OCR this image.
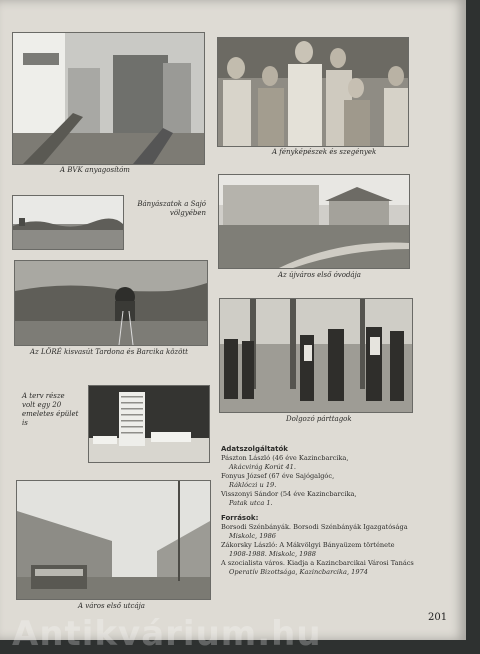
A BVK anyagosítóm
A fényképészek és szegények
Bányászatok a Sajó völgyében
Az újváros első óvodája
Az LÖRÉ kisvasút Tardona és Barcika között
Dolgozó párttagok
A terv része volt egy 20 emeletes épület is
A város első utcája
Adatszolgáltatók
Pászton László (46 éve Kazincbarcika,
Akácvirág Korút 41.
Fonyus József (67 éve Sajógalgóc,
Ráklóczi u 19.
Visszonyi Sándor (54 éve Kazincbarcika,
Patak utca 1.
Források:
Borsodi Szénbányák. Borsodi Szénbányák Igazgatósága
Miskolc, 1986
Zákorsky László: A Mákvölgyi Bányaüzem története
1908-1988. Miskolc, 1988
A szocialista város. Kiadja a Kazincbarcikai Városi Tanács
Operatív Bizottsága, Kazincbarcika, 1974
201
Antikvárium.hu
